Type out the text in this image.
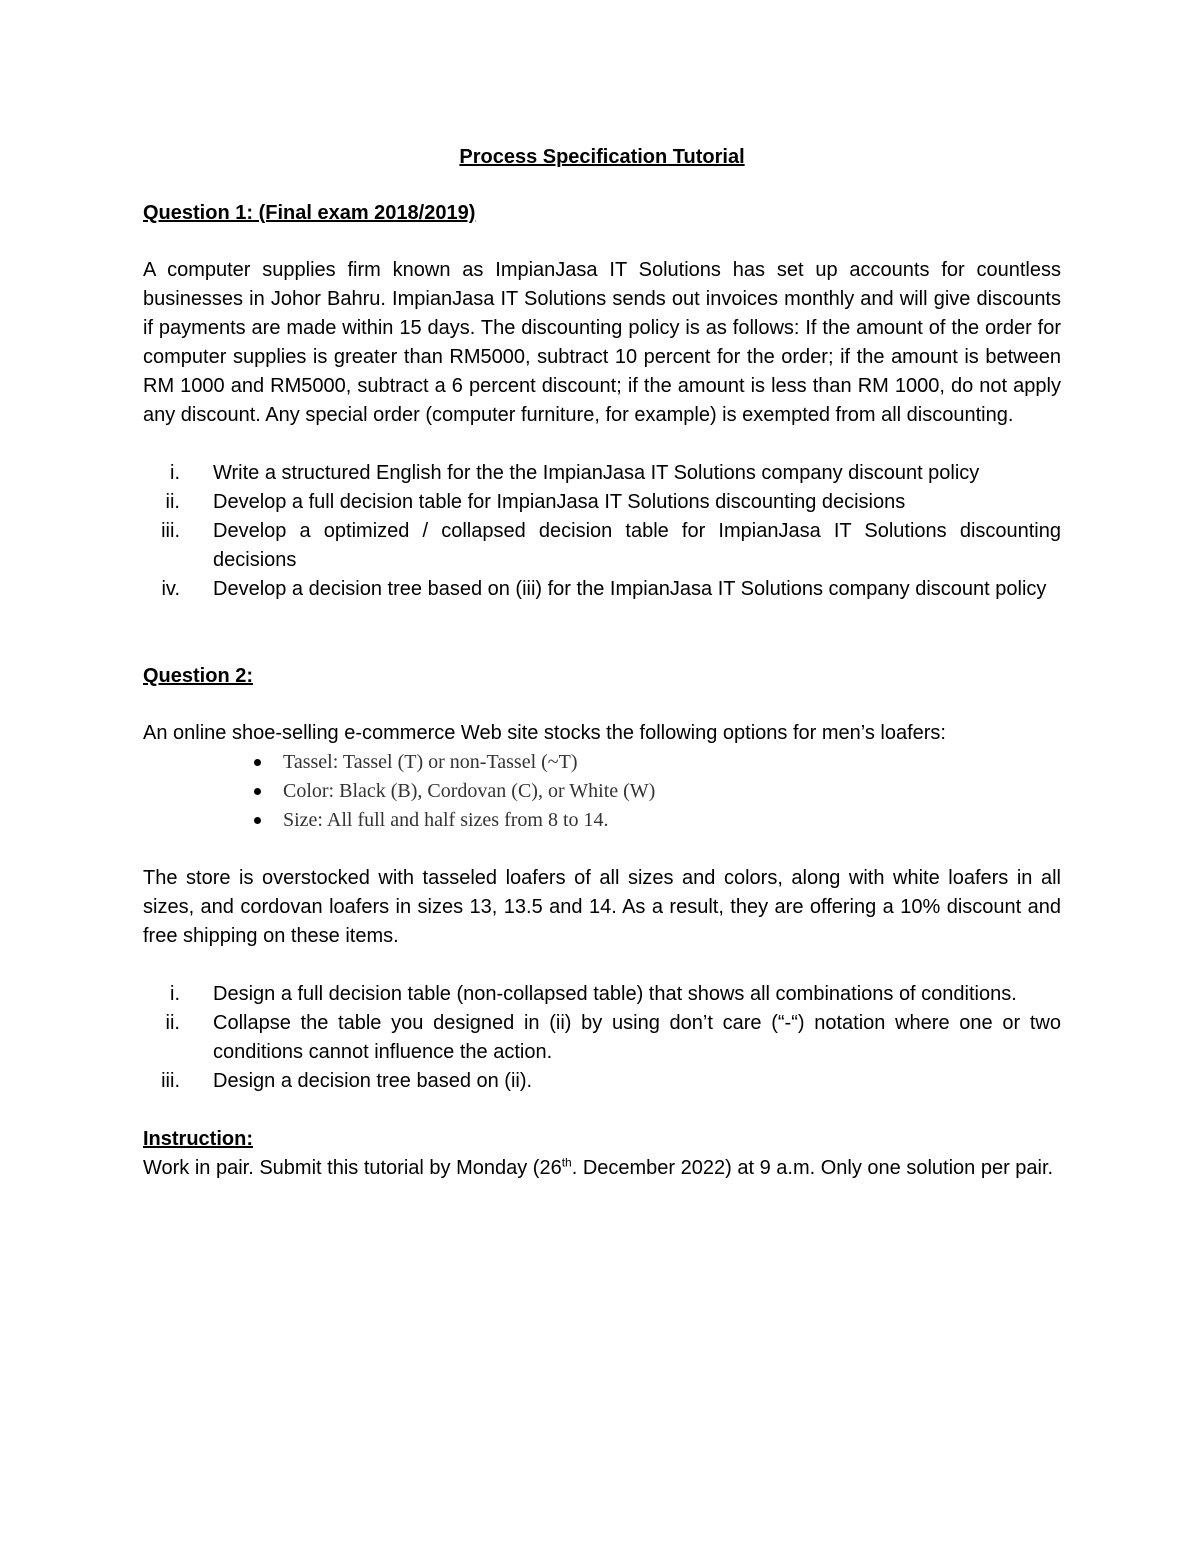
Process Specification Tutorial
Question 1: (Final exam 2018/2019)
A computer supplies firm known as ImpianJasa IT Solutions has set up accounts for countless businesses in Johor Bahru. ImpianJasa IT Solutions sends out invoices monthly and will give discounts if payments are made within 15 days. The discounting policy is as follows: If the amount of the order for computer supplies is greater than RM5000, subtract 10 percent for the order; if the amount is between RM 1000 and RM5000, subtract a 6 percent discount; if the amount is less than RM 1000, do not apply any discount. Any special order (computer furniture, for example) is exempted from all discounting.
i. Write a structured English for the the ImpianJasa IT Solutions company discount policy
ii. Develop a full decision table for ImpianJasa IT Solutions discounting decisions
iii. Develop a optimized / collapsed decision table for ImpianJasa IT Solutions discounting decisions
iv. Develop a decision tree based on (iii) for the ImpianJasa IT Solutions company discount policy
Question 2:
An online shoe-selling e-commerce Web site stocks the following options for men’s loafers:
Tassel: Tassel (T) or non-Tassel (~T)
Color: Black (B), Cordovan (C), or White (W)
Size: All full and half sizes from 8 to 14.
The store is overstocked with tasseled loafers of all sizes and colors, along with white loafers in all sizes, and cordovan loafers in sizes 13, 13.5 and 14. As a result, they are offering a 10% discount and free shipping on these items.
i. Design a full decision table (non-collapsed table) that shows all combinations of conditions.
ii. Collapse the table you designed in (ii) by using don’t care (“-“) notation where one or two conditions cannot influence the action.
iii. Design a decision tree based on (ii).
Instruction:
Work in pair. Submit this tutorial by Monday (26th. December 2022) at 9 a.m. Only one solution per pair.
